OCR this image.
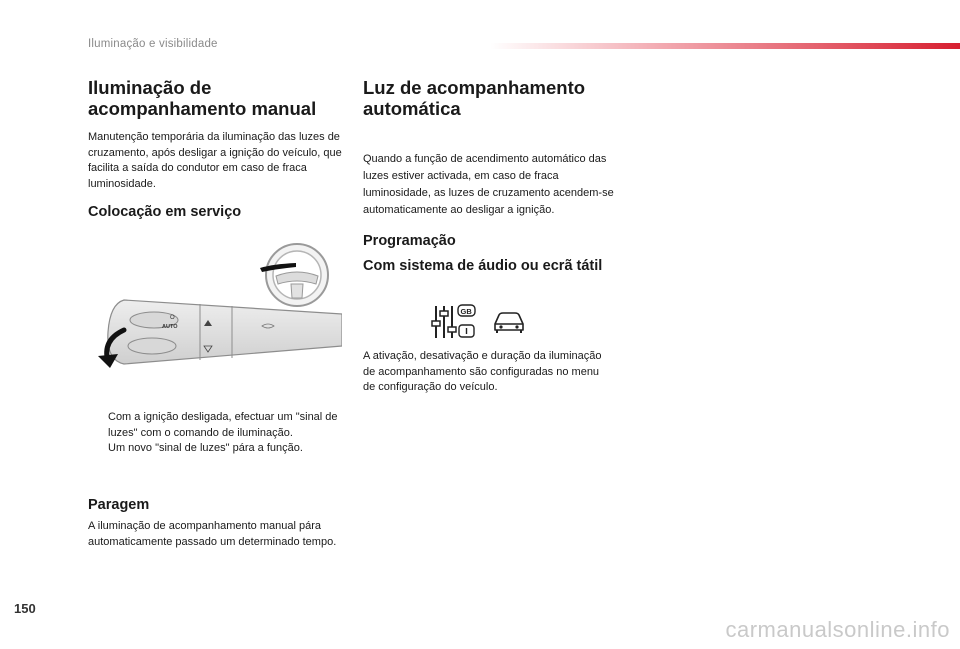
Iluminação e visibilidade
Iluminação de acompanhamento manual

Manutenção temporária da iluminação das luzes de cruzamento, após desligar a ignição do veículo, que facilita a saída do condutor em caso de fraca luminosidade.

Colocação em serviço
O
AUTO
Com a ignição desligada, efectuar um "sinal de luzes" com o comando de iluminação.
Um novo "sinal de luzes" pára a função.
Paragem

A iluminação de acompanhamento manual pára automaticamente passado um determinado tempo.

Luz de acompanhamento automática

Quando a função de acendimento automático das luzes estiver activada, em caso de fraca luminosidade, as luzes de cruzamento acendem-se automaticamente ao desligar a ignição.

Programação
Com sistema de áudio ou ecrã tátil
GB

A ativação, desativação e duração da iluminação de acompanhamento são configuradas no menu de configuração do veículo.

150
carmanualsonline.info
